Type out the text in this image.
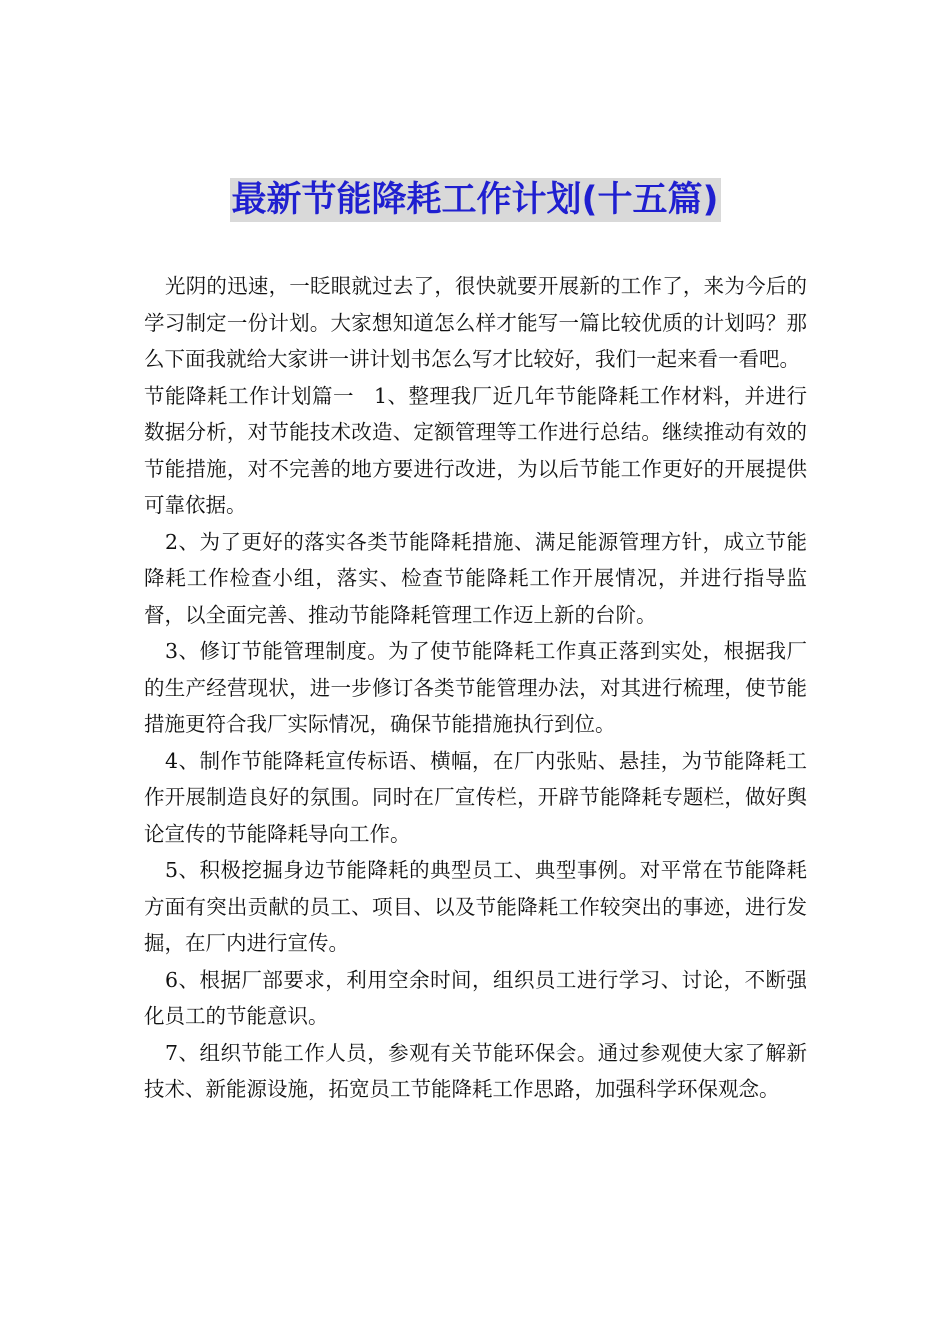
最新节能降耗工作计划(十五篇)

光阴的迅速，一眨眼就过去了，很快就要开展新的工作了，来为今后的学习制定一份计划。大家想知道怎么样才能写一篇比较优质的计划吗？那么下面我就给大家讲一讲计划书怎么写才比较好，我们一起来看一看吧。

节能降耗工作计划篇一 1、整理我厂近几年节能降耗工作材料，并进行数据分析，对节能技术改造、定额管理等工作进行总结。继续推动有效的节能措施，对不完善的地方要进行改进，为以后节能工作更好的开展提供可靠依据。

2、为了更好的落实各类节能降耗措施、满足能源管理方针，成立节能降耗工作检查小组，落实、检查节能降耗工作开展情况，并进行指导监督，以全面完善、推动节能降耗管理工作迈上新的台阶。

3、修订节能管理制度。为了使节能降耗工作真正落到实处，根据我厂的生产经营现状，进一步修订各类节能管理办法，对其进行梳理，使节能措施更符合我厂实际情况，确保节能措施执行到位。

4、制作节能降耗宣传标语、横幅，在厂内张贴、悬挂，为节能降耗工作开展制造良好的氛围。同时在厂宣传栏，开辟节能降耗专题栏，做好舆论宣传的节能降耗导向工作。

5、积极挖掘身边节能降耗的典型员工、典型事例。对平常在节能降耗方面有突出贡献的员工、项目、以及节能降耗工作较突出的事迹，进行发掘，在厂内进行宣传。

6、根据厂部要求，利用空余时间，组织员工进行学习、讨论，不断强化员工的节能意识。

7、组织节能工作人员，参观有关节能环保会。通过参观使大家了解新技术、新能源设施，拓宽员工节能降耗工作思路，加强科学环保观念。
